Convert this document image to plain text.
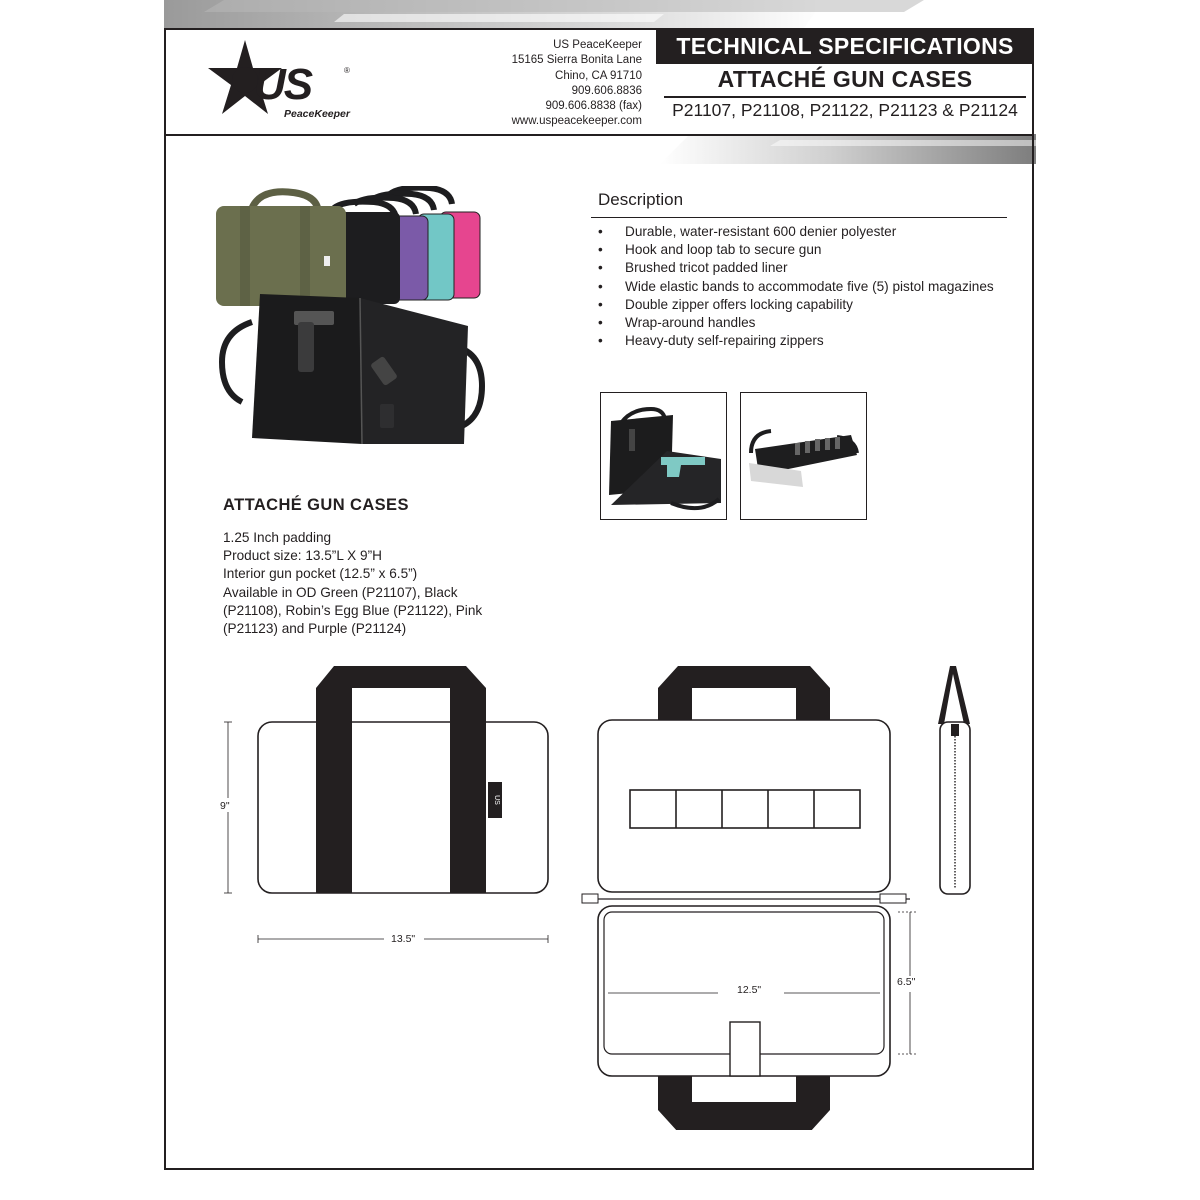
US	®
PeaceKeeper
US PeaceKeeper
15165 Sierra Bonita Lane
Chino, CA 91710
909.606.8836
909.606.8838 (fax)
www.uspeacekeeper.com
TECHNICAL SPECIFICATIONS
ATTACHÉ GUN CASES
P21107, P21108, P21122, P21123 & P21124
Description
• Durable, water-resistant 600 denier polyester
• Hook and loop tab to secure gun
• Brushed tricot padded liner
• Wide elastic bands to accommodate five (5) pistol magazines
• Double zipper offers locking capability
• Wrap-around handles
• Heavy-duty self-repairing zippers
ATTACHÉ GUN CASES
1.25 Inch padding
Product size: 13.5”L X 9”H
Interior gun pocket (12.5” x 6.5”)
Available in OD Green (P21107), Black
(P21108), Robin’s Egg Blue (P21122), Pink
(P21123) and Purple (P21124)
US
9"
13.5"
12.5"
6.5"
